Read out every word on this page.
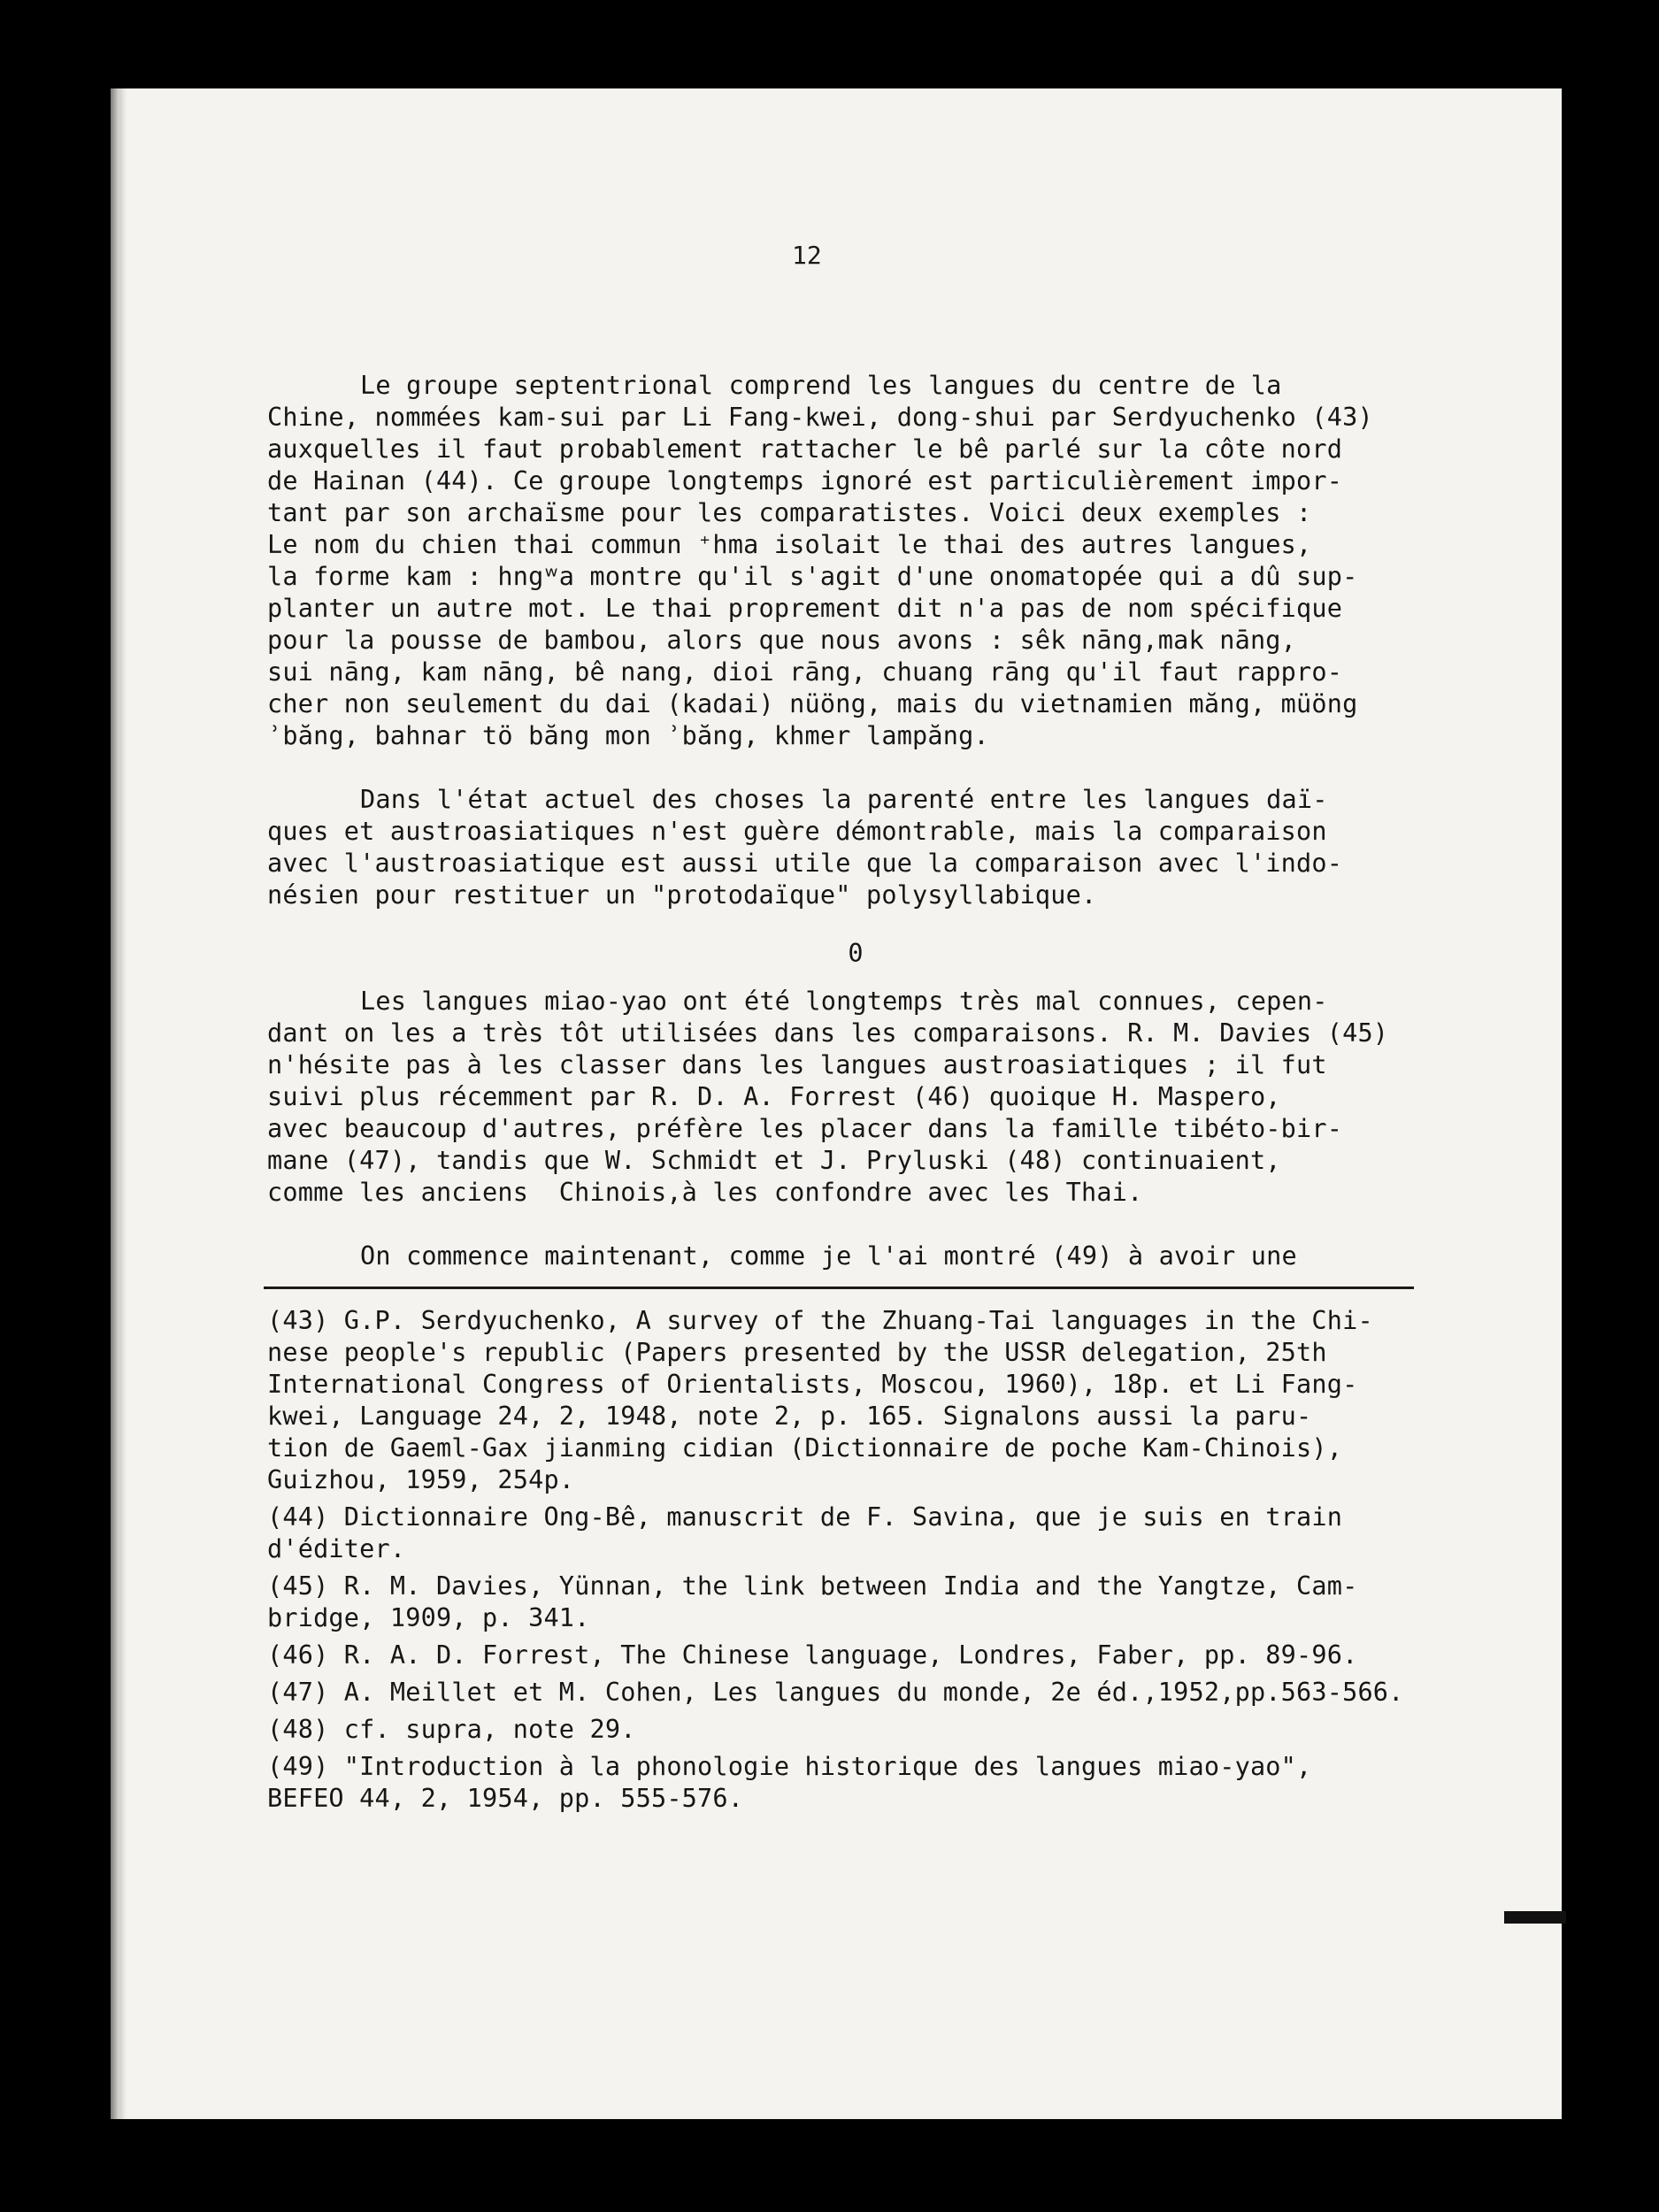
12
Le groupe septentrional comprend les langues du centre de la
Chine, nommées kam-sui par Li Fang-kwei, dong-shui par Serdyuchenko (43)
auxquelles il faut probablement rattacher le bê parlé sur la côte nord
de Hainan (44). Ce groupe longtemps ignoré est particulièrement impor-
tant par son archaïsme pour les comparatistes. Voici deux exemples :
Le nom du chien thai commun ⁺hma isolait le thai des autres langues,
la forme kam : hngʷa montre qu'il s'agit d'une onomatopée qui a dû sup-
planter un autre mot. Le thai proprement dit n'a pas de nom spécifique
pour la pousse de bambou, alors que nous avons : sêk nāng,mak nāng,
sui nāng, kam nāng, bê nang, dioi rāng, chuang rāng qu'il faut rappro-
cher non seulement du dai (kadai) nüöng, mais du vietnamien măng, müöng
ʾbăng, bahnar tö băng mon ʾbăng, khmer lampăng.
Dans l'état actuel des choses la parenté entre les langues daï-
ques et austroasiatiques n'est guère démontrable, mais la comparaison
avec l'austroasiatique est aussi utile que la comparaison avec l'indo-
nésien pour restituer un "protodaïque" polysyllabique.
0
Les langues miao-yao ont été longtemps très mal connues, cepen-
dant on les a très tôt utilisées dans les comparaisons. R. M. Davies (45)
n'hésite pas à les classer dans les langues austroasiatiques ; il fut
suivi plus récemment par R. D. A. Forrest (46) quoique H. Maspero,
avec beaucoup d'autres, préfère les placer dans la famille tibéto-bir-
mane (47), tandis que W. Schmidt et J. Pryluski (48) continuaient,
comme les anciens  Chinois,à les confondre avec les Thai.
On commence maintenant, comme je l'ai montré (49) à avoir une
(43) G.P. Serdyuchenko, A survey of the Zhuang-Tai languages in the Chi-
nese people's republic (Papers presented by the USSR delegation, 25th
International Congress of Orientalists, Moscou, 1960), 18p. et Li Fang-
kwei, Language 24, 2, 1948, note 2, p. 165. Signalons aussi la paru-
tion de Gaeml-Gax jianming cidian (Dictionnaire de poche Kam-Chinois),
Guizhou, 1959, 254p.
(44) Dictionnaire Ong-Bê, manuscrit de F. Savina, que je suis en train
d'éditer.
(45) R. M. Davies, Yünnan, the link between India and the Yangtze, Cam-
bridge, 1909, p. 341.
(46) R. A. D. Forrest, The Chinese language, Londres, Faber, pp. 89-96.
(47) A. Meillet et M. Cohen, Les langues du monde, 2e éd.,1952,pp.563-566.
(48) cf. supra, note 29.
(49) "Introduction à la phonologie historique des langues miao-yao",
BEFEO 44, 2, 1954, pp. 555-576.
